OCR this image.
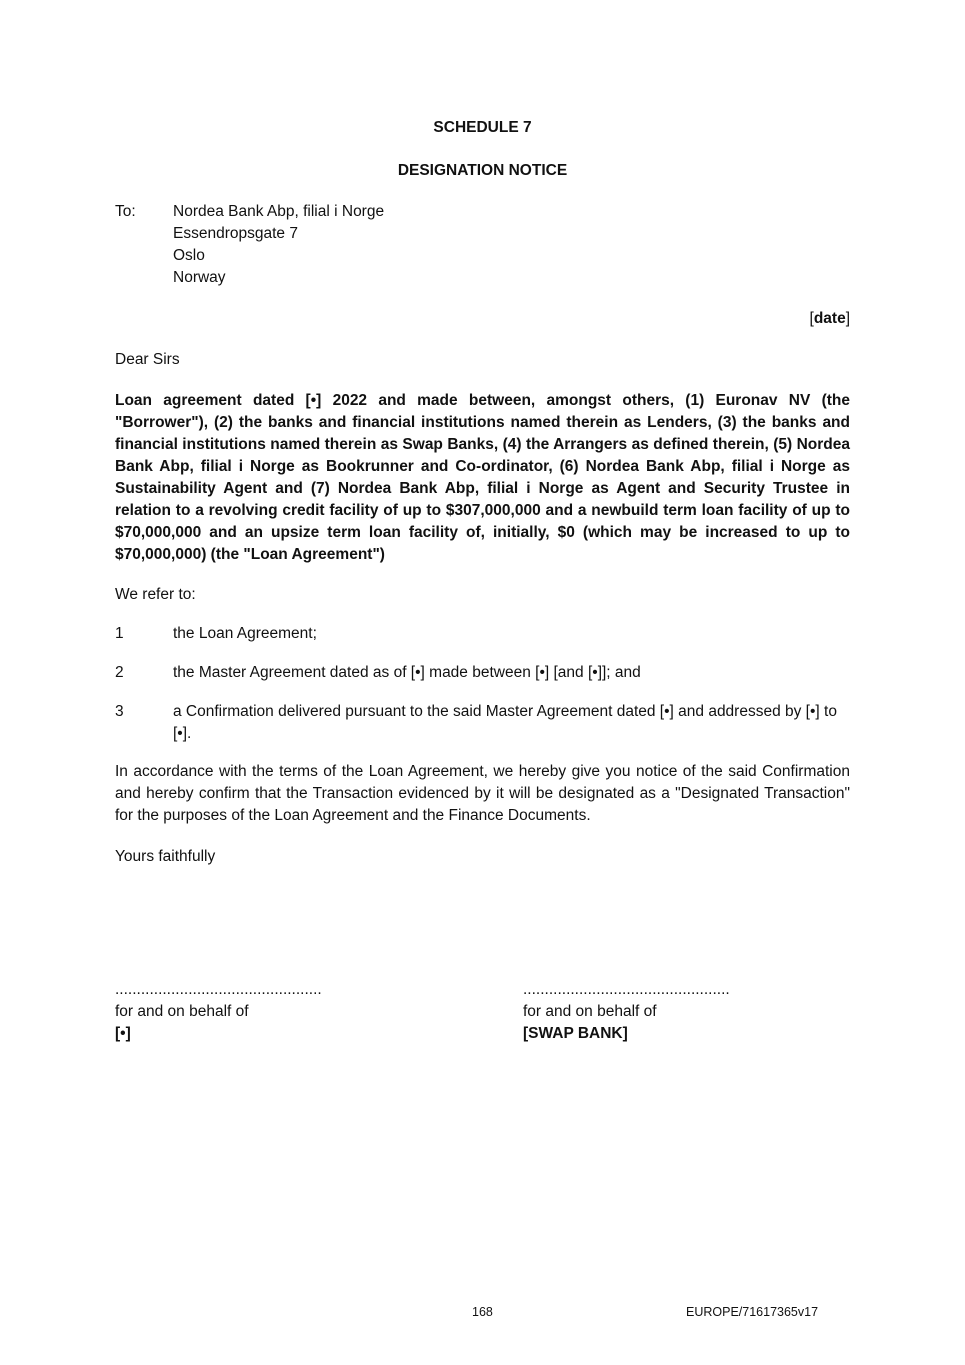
SCHEDULE 7
DESIGNATION NOTICE
To: Nordea Bank Abp, filial i Norge
Essendropsgate 7
Oslo
Norway
[date]
Dear Sirs
Loan agreement dated [•] 2022 and made between, amongst others, (1) Euronav NV (the "Borrower"), (2) the banks and financial institutions named therein as Lenders, (3) the banks and financial institutions named therein as Swap Banks, (4) the Arrangers as defined therein, (5) Nordea Bank Abp, filial i Norge as Bookrunner and Co-ordinator, (6) Nordea Bank Abp, filial i Norge as Sustainability Agent and (7) Nordea Bank Abp, filial i Norge as Agent and Security Trustee in relation to a revolving credit facility of up to $307,000,000 and a newbuild term loan facility of up to $70,000,000 and an upsize term loan facility of, initially, $0 (which may be increased to up to $70,000,000) (the "Loan Agreement")
We refer to:
1	the Loan Agreement;
2	the Master Agreement dated as of [•] made between [•] [and [•]]; and
3	a Confirmation delivered pursuant to the said Master Agreement dated [•] and addressed by [•] to [•].
In accordance with the terms of the Loan Agreement, we hereby give you notice of the said Confirmation and hereby confirm that the Transaction evidenced by it will be designated as a "Designated Transaction" for the purposes of the Loan Agreement and the Finance Documents.
Yours faithfully
................................................
for and on behalf of
[•]
................................................
for and on behalf of
[SWAP BANK]
168	EUROPE/71617365v17
